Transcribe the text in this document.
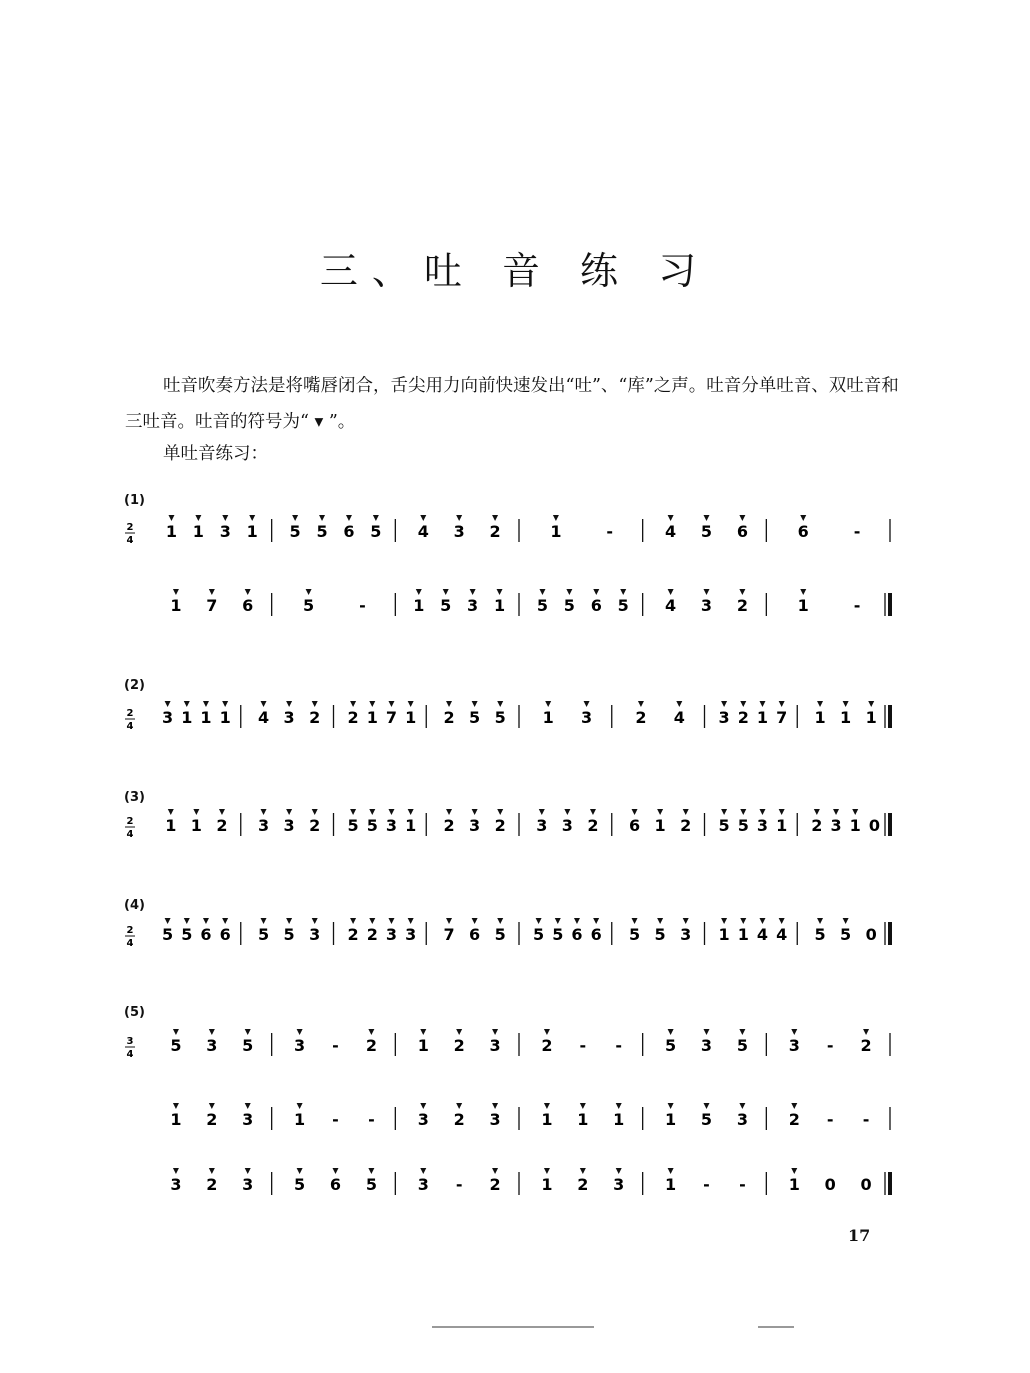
三、吐 音 练 习
吐音吹奏方法是将嘴唇闭合，舌尖用力向前快速发出“吐”、“库”之声。吐音分单吐音、双吐音和三吐音。吐音的符号为“ ▾ ”。
单吐音练习：
(1)
(2)
(3)
(4)
(5)
2
4 1 1 3 1 5 5 6 5 4 3 2	1	-	4 5 6	6	-
1 7 6	5	-	1 5 3 1 5 5 6 5 4 3 2	1	-
2
4 3 1 1 1 4 3 2 2 1 7 1 2 5 5 1 3	2 4 3 2 1 7 1 1 1
2
4 1 1 2 3 3 2 5 5 3 1 2 3 2 3 3 2 6 1 2 5 5 3 1 2 3 1 0
2
4 5 5 6 6 5 5 3 2 2 3 3 7 6 5 5 5 6 6 5 5 3 1 1 4 4 5 5 0
3
4 5 3 5	3 - 2	1 2 3	2 - -	5 3 5	3 - 2
1 2 3	1 - -	3 2 3	1 1 1	1 5 3	2 - -
3 2 3	5 6 5	3 - 2	1 2 3	1 - -	1 0 0
17
